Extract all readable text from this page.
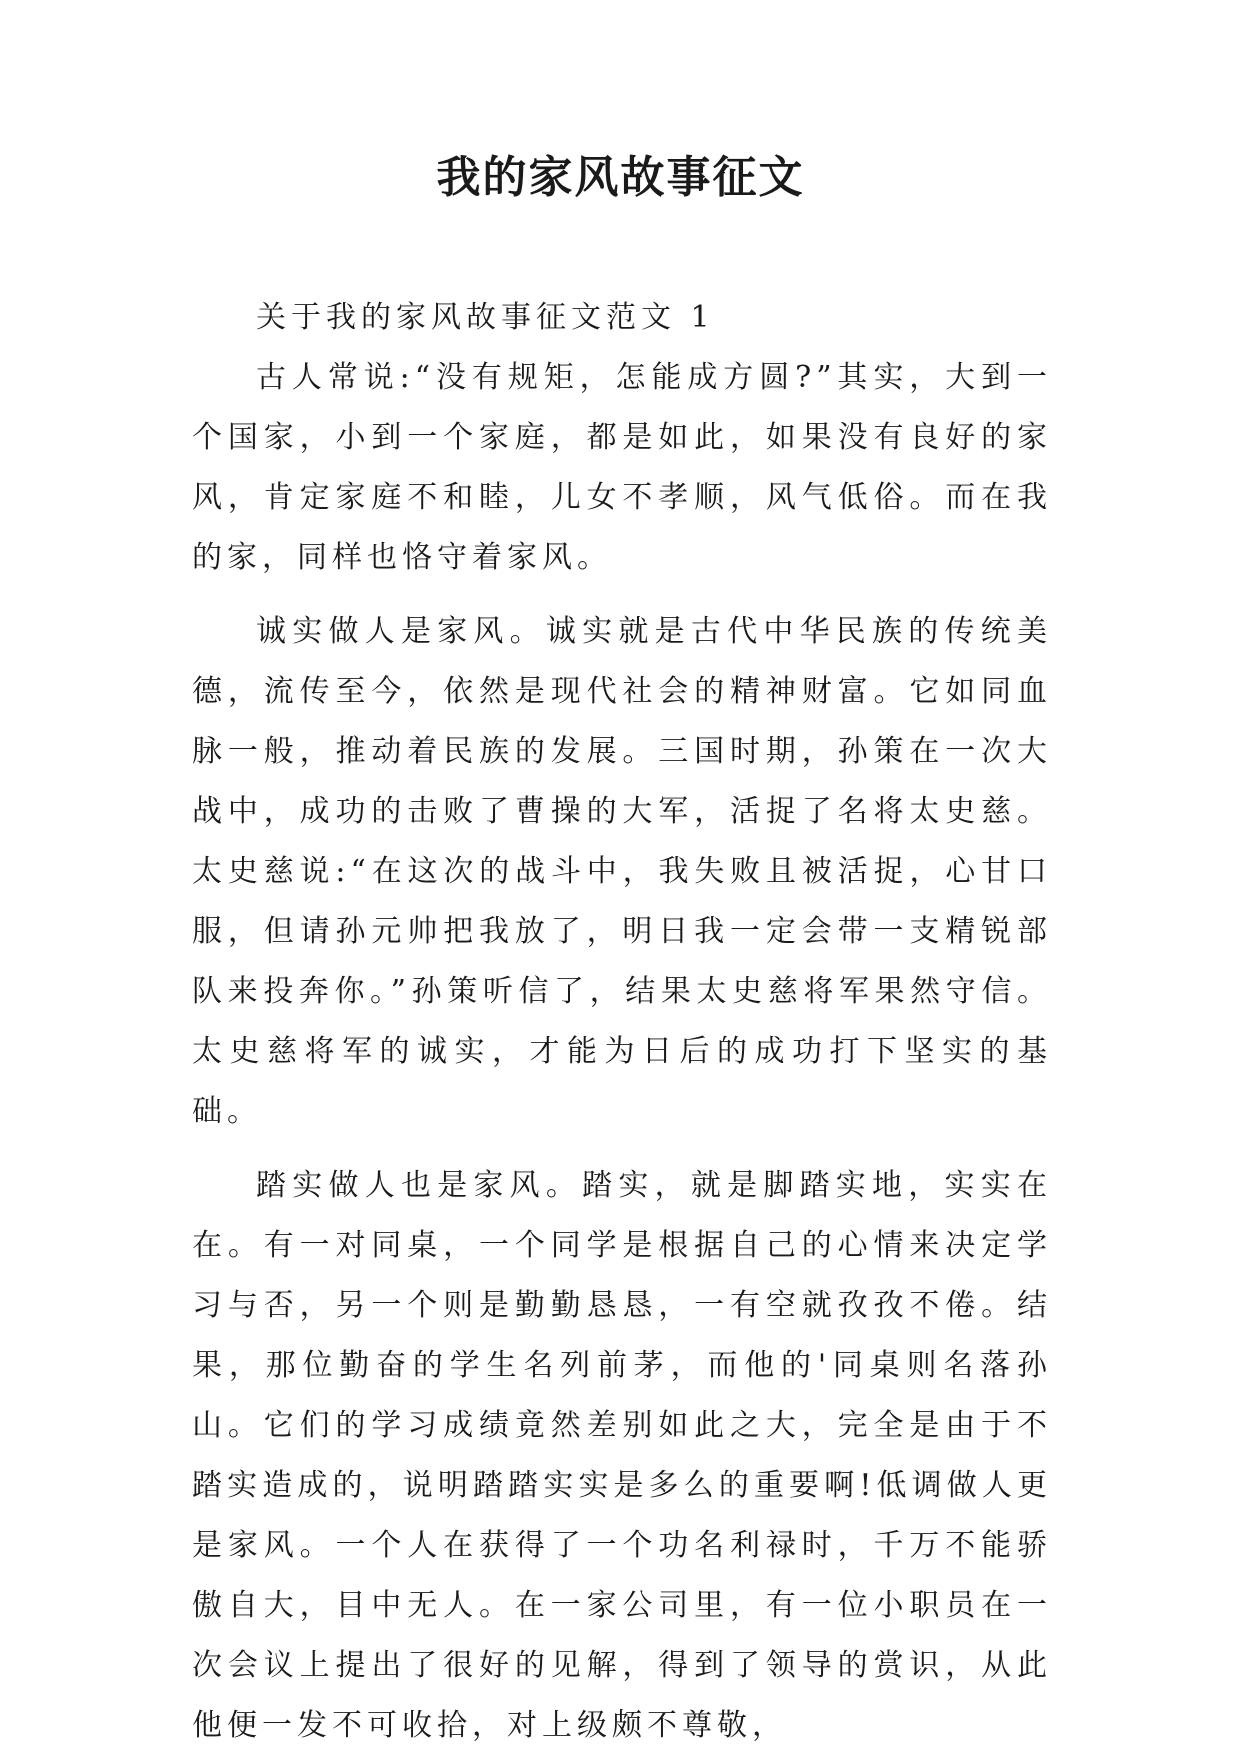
我的家风故事征文

关于我的家风故事征文范文 1

古人常说:“没有规矩，怎能成方圆?”其实，大到一个国家，小到一个家庭，都是如此，如果没有良好的家风，肯定家庭不和睦，儿女不孝顺，风气低俗。而在我的家，同样也恪守着家风。

诚实做人是家风。诚实就是古代中华民族的传统美德，流传至今，依然是现代社会的精神财富。它如同血脉一般，推动着民族的发展。三国时期，孙策在一次大战中，成功的击败了曹操的大军，活捉了名将太史慈。太史慈说:“在这次的战斗中，我失败且被活捉，心甘口服，但请孙元帅把我放了，明日我一定会带一支精锐部队来投奔你。”孙策听信了，结果太史慈将军果然守信。太史慈将军的诚实，才能为日后的成功打下坚实的基础。

踏实做人也是家风。踏实，就是脚踏实地，实实在在。有一对同桌，一个同学是根据自己的心情来决定学习与否，另一个则是勤勤恳恳，一有空就孜孜不倦。结果，那位勤奋的学生名列前茅，而他的'同桌则名落孙山。它们的学习成绩竟然差别如此之大，完全是由于不踏实造成的，说明踏踏实实是多么的重要啊!低调做人更是家风。一个人在获得了一个功名利禄时，千万不能骄傲自大，目中无人。在一家公司里，有一位小职员在一次会议上提出了很好的见解，得到了领导的赏识，从此他便一发不可收拾，对上级颇不尊敬，
